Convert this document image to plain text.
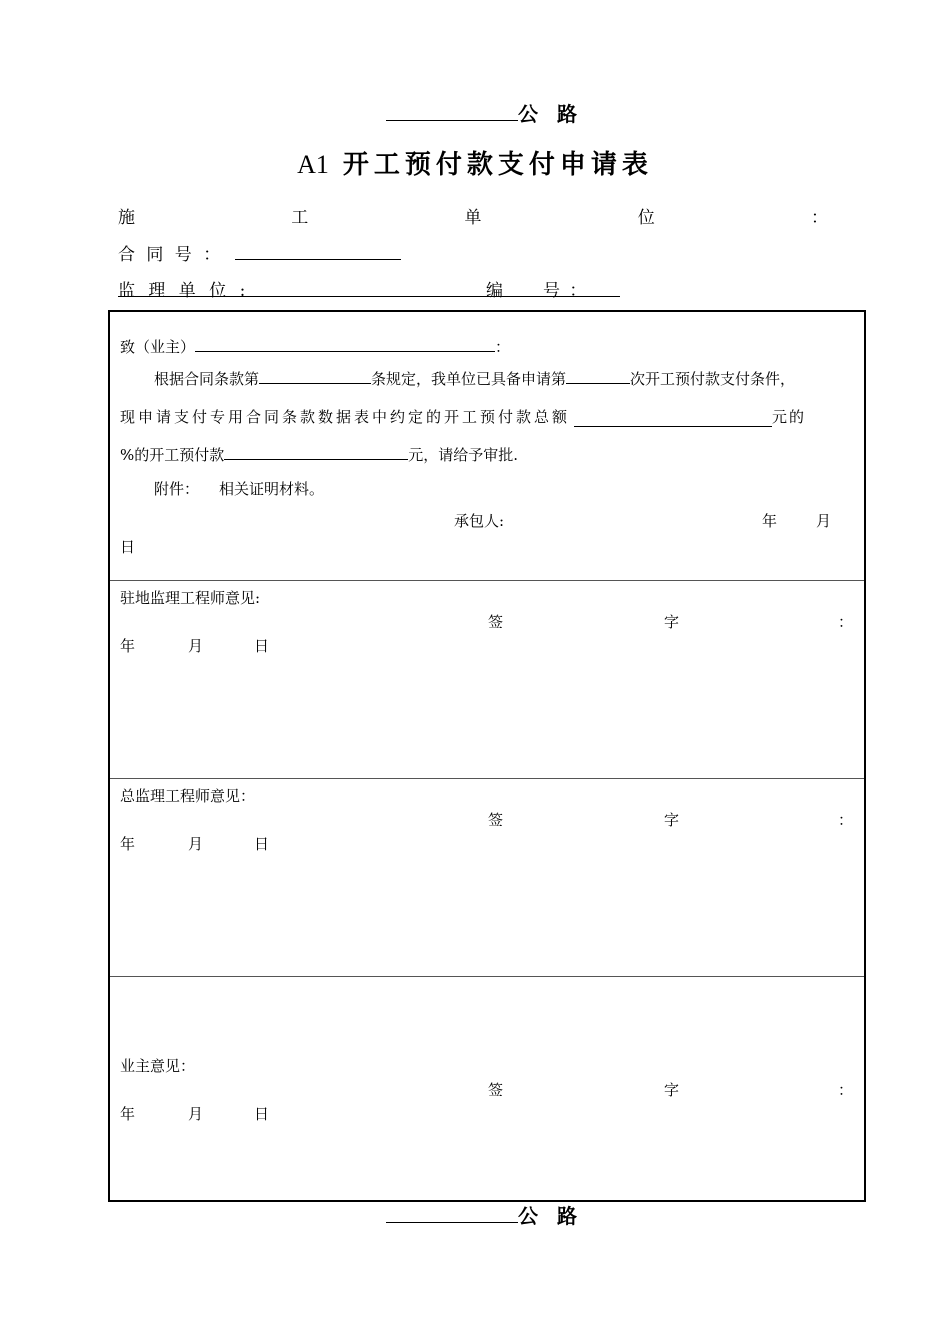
公 路
A1 开工预付款支付申请表
施	工	单	位	：
合 同 号 ：
监 理 单 位 :	编　　号 ：
致（业主）	：
根据合同条款第	条规定，我单位已具备申请第	次开工预付款支付条件，
现申请支付专用合同条款数据表中约定的开工预付款总额	元的
%的开工预付款	元，请给予审批.
附件： 相关证明材料。
承包人:	年	月
日
驻地监理工程师意见:
签	字	：
年	月	日
总监理工程师意见：
签	字	：
年	月	日
业主意见：
签	字	：
年	月	日
公 路
